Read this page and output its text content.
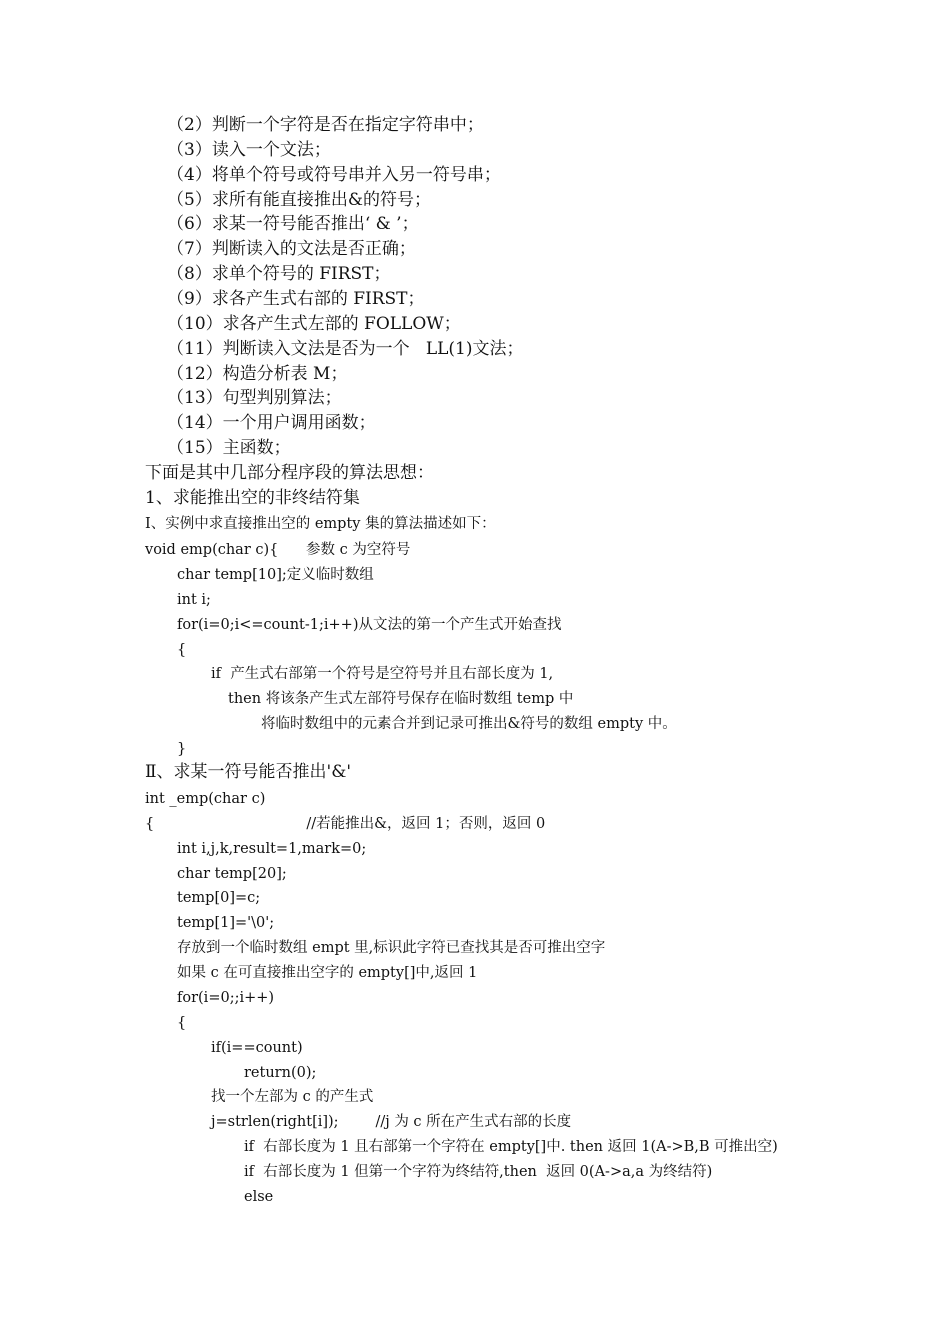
（2）判断一个字符是否在指定字符串中；
（3）读入一个文法；
（4）将单个符号或符号串并入另一符号串；
（5）求所有能直接推出&的符号；
（6）求某一符号能否推出‘ & ’；
（7）判断读入的文法是否正确；
（8）求单个符号的 FIRST；
（9）求各产生式右部的 FIRST；
（10）求各产生式左部的 FOLLOW；
（11）判断读入文法是否为一个   LL(1)文法；
（12）构造分析表 M；
（13）句型判别算法；
（14）一个用户调用函数；
（15）主函数；
下面是其中几部分程序段的算法思想：
1、求能推出空的非终结符集
Ⅰ、实例中求直接推出空的 empty 集的算法描述如下：
void emp(char c){      参数 c 为空符号
char temp[10];定义临时数组
int i;
for(i=0;i<=count-1;i++)从文法的第一个产生式开始查找
{
if  产生式右部第一个符号是空符号并且右部长度为 1,
then 将该条产生式左部符号保存在临时数组 temp 中
将临时数组中的元素合并到记录可推出&符号的数组 empty 中。
}
Ⅱ、求某一符号能否推出'&'
int _emp(char c)
{                                 //若能推出&，返回 1；否则，返回 0
int i,j,k,result=1,mark=0;
char temp[20];
temp[0]=c;
temp[1]='\0';
存放到一个临时数组 empt 里,标识此字符已查找其是否可推出空字
如果 c 在可直接推出空字的 empty[]中,返回 1
for(i=0;;i++)
{
if(i==count)
return(0);
找一个左部为 c 的产生式
j=strlen(right[i]);        //j 为 c 所在产生式右部的长度
if  右部长度为 1 且右部第一个字符在 empty[]中. then 返回 1(A->B,B 可推出空)
if  右部长度为 1 但第一个字符为终结符,then  返回 0(A->a,a 为终结符)
else
